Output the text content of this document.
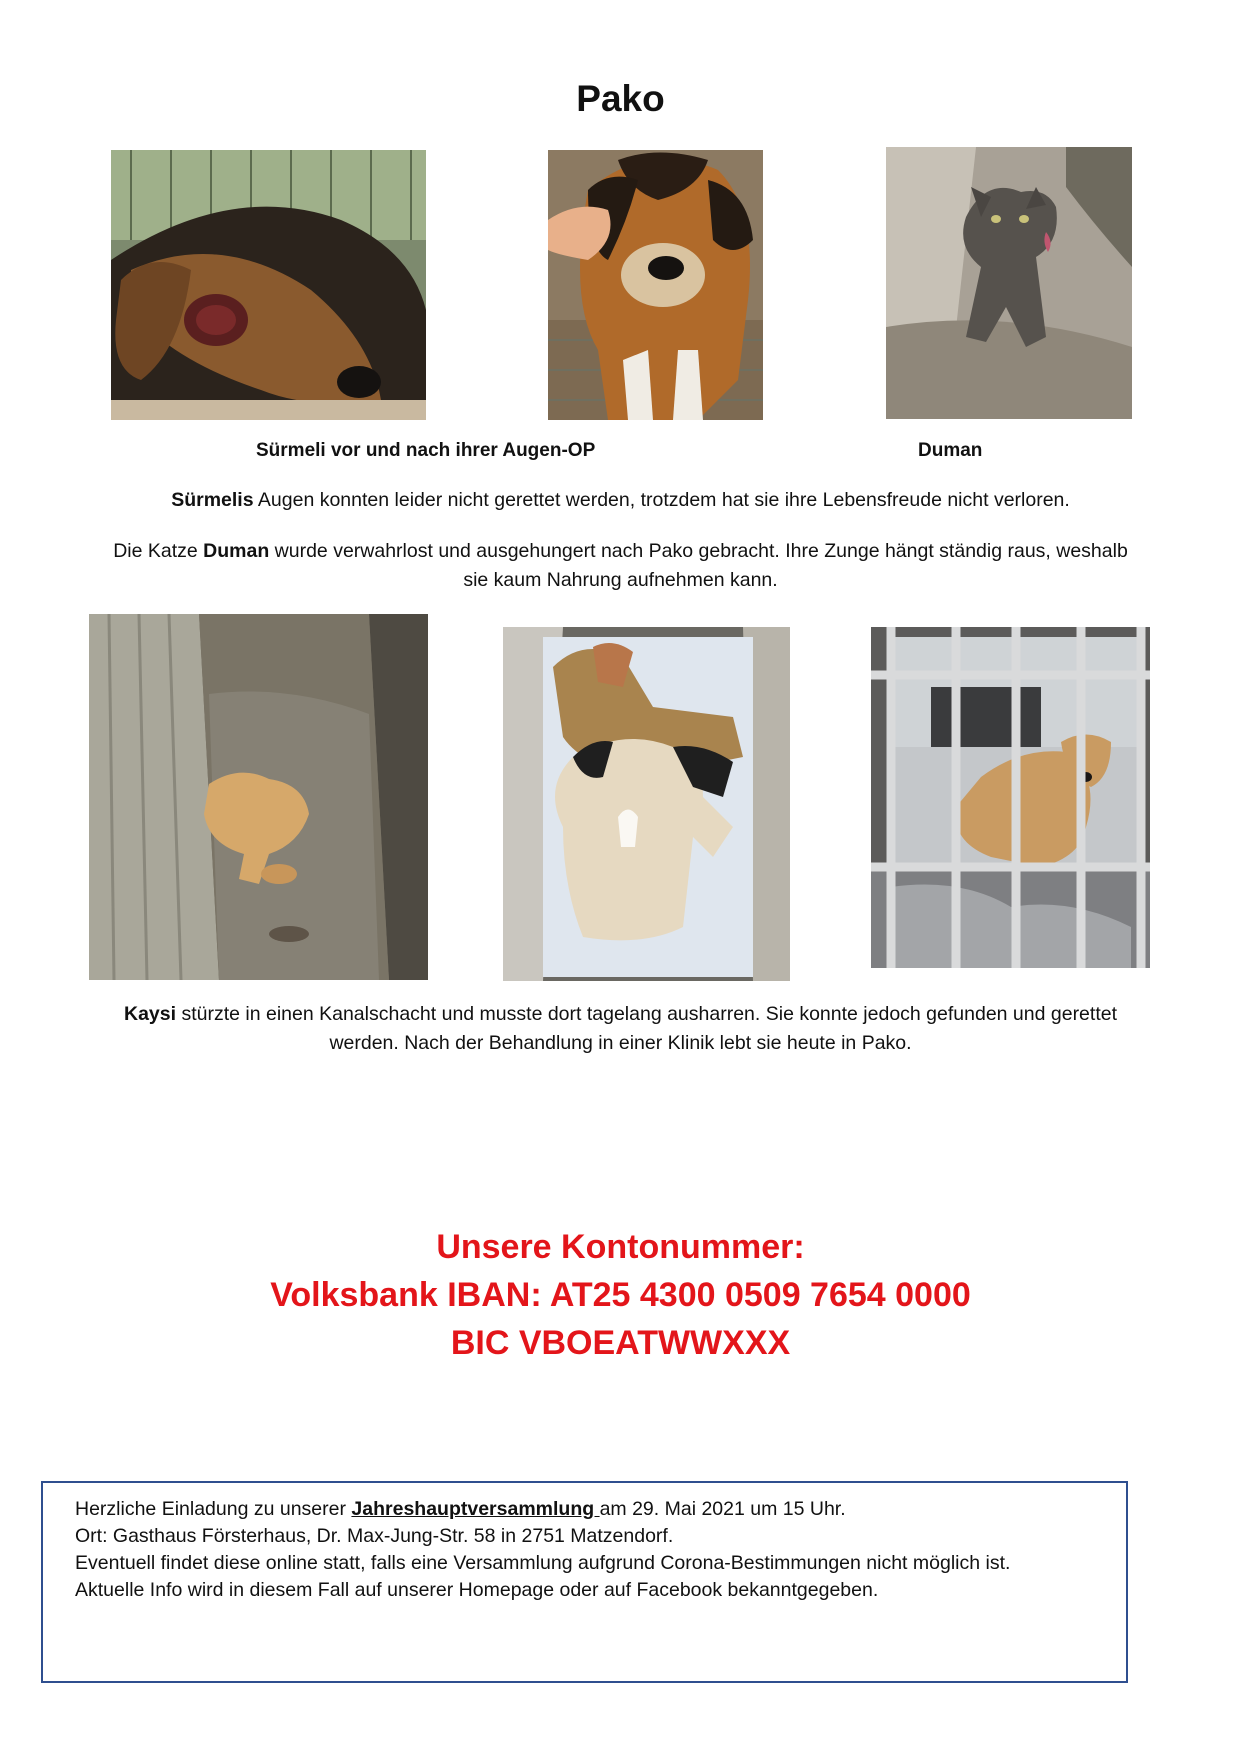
Pako
Sürmeli vor und nach ihrer Augen-OP	Duman
Sürmelis Augen konnten leider nicht gerettet werden, trotzdem hat sie ihre Lebensfreude nicht verloren.
Die Katze Duman wurde verwahrlost und ausgehungert nach Pako gebracht. Ihre Zunge hängt ständig raus, weshalb
sie kaum Nahrung aufnehmen kann.
Kaysi stürzte in einen Kanalschacht und musste dort tagelang ausharren. Sie konnte jedoch gefunden und gerettet
werden. Nach der Behandlung in einer Klinik lebt sie heute in Pako.
Unsere Kontonummer:
Volksbank IBAN: AT25 4300 0509 7654 0000
BIC VBOEATWWXXX
Herzliche Einladung zu unserer Jahreshauptversammlung am 29. Mai 2021 um 15 Uhr.
Ort: Gasthaus Försterhaus, Dr. Max-Jung-Str. 58 in 2751 Matzendorf.
Eventuell findet diese online statt, falls eine Versammlung aufgrund Corona-Bestimmungen nicht möglich ist.
Aktuelle Info wird in diesem Fall auf unserer Homepage oder auf Facebook bekanntgegeben.
